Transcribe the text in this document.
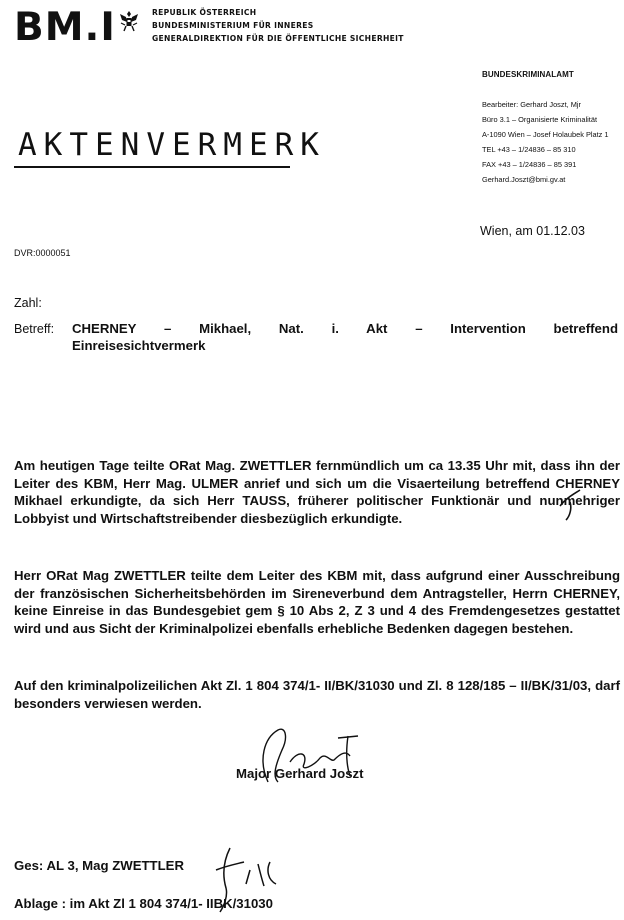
BM.I	REPUBLIK ÖSTERREICH
BUNDESMINISTERIUM FÜR INNERES
GENERALDIREKTION FÜR DIE ÖFFENTLICHE SICHERHEIT
BUNDESKRIMINALAMT
Bearbeiter: Gerhard Joszt, Mjr
Büro 3.1 – Organisierte Kriminalität
A-1090 Wien – Josef Holaubek Platz 1
TEL +43 – 1/24836 – 85 310
FAX +43 – 1/24836 – 85 391
Gerhard.Joszt@bmi.gv.at
AKTENVERMERK
Wien, am 01.12.03
DVR:0000051
Zahl:
Betreff: CHERNEY – Mikhael, Nat. i. Akt – Intervention betreffend
Einreisesichtvermerk
Am heutigen Tage teilte ORat Mag. ZWETTLER fernmündlich um ca 13.35 Uhr mit, dass ihn der Leiter des KBM, Herr Mag. ULMER anrief und sich um die Visaerteilung betreffend CHERNEY Mikhael erkundigte, da sich Herr TAUSS, früherer politischer Funktionär und nunmehriger Lobbyist und Wirtschaftstreibender diesbezüglich erkundigte.
Herr ORat Mag ZWETTLER teilte dem Leiter des KBM mit, dass aufgrund einer Ausschreibung der französischen Sicherheitsbehörden im Sireneverbund dem Antragsteller, Herrn CHERNEY, keine Einreise in das Bundesgebiet gem § 10 Abs 2, Z 3 und 4 des Fremdengesetzes gestattet wird und aus Sicht der Kriminalpolizei ebenfalls erhebliche Bedenken dagegen bestehen.
Auf den kriminalpolizeilichen Akt Zl. 1 804 374/1- II/BK/31030 und Zl. 8 128/185 – II/BK/31/03, darf besonders verwiesen werden.
Major Gerhard Joszt
Ges: AL 3, Mag ZWETTLER
Ablage : im Akt Zl 1 804 374/1- IIBK/31030
